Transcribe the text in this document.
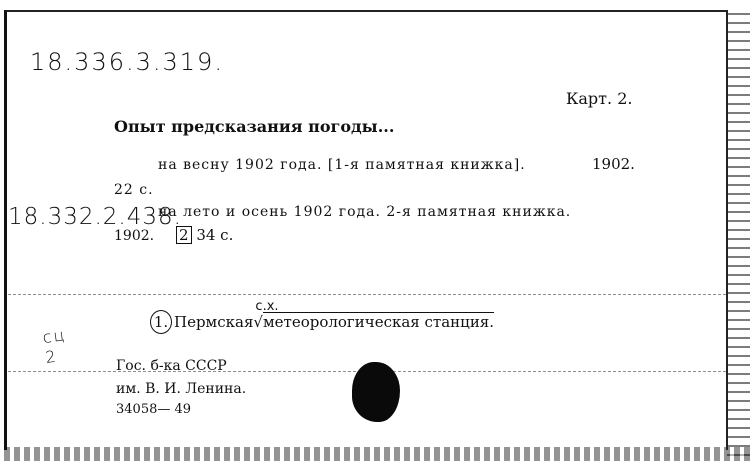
18.336.3.319.
Карт. 2.
Опыт предсказания погоды...
на весну 1902 года. [1-я памятная книжка].	1902.
22 с.
18.332.2.438.
на лето и осень 1902 года. 2-я памятная книжка.
1902. 2 34 с.
сц 2
1. Пермская
с.х.
√метеорологическая станция.
Гос. б-ка СССР
им. В. И. Ленина.
34058— 49
